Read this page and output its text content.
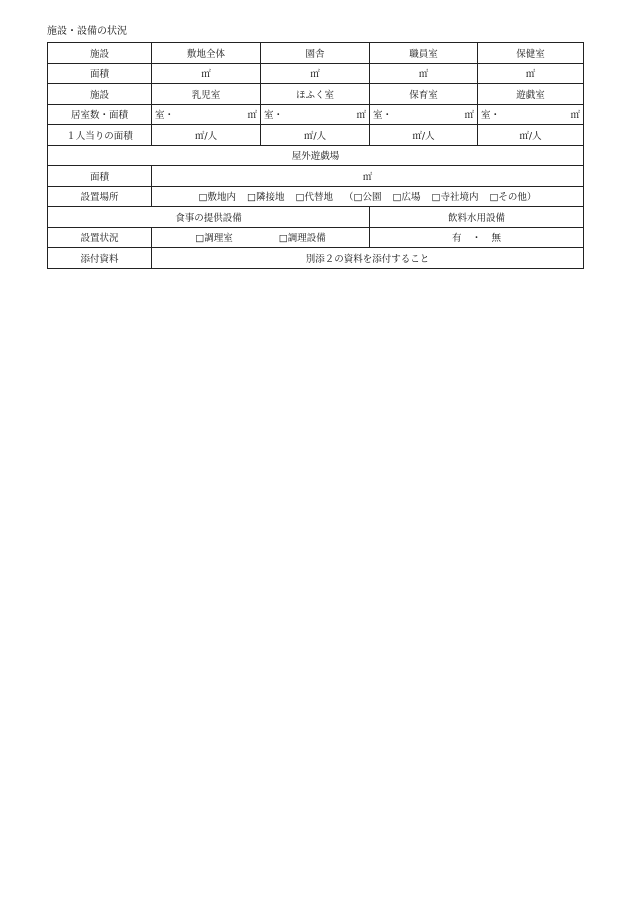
施設・設備の状況
施設	敷地全体	園舎	職員室	保健室
面積	㎡	㎡	㎡	㎡
施設	乳児室	ほふく室	保育室	遊戯室
居室数・面積	室・ ㎡	室・ ㎡	室・ ㎡	室・ ㎡

１人当りの面積	㎡/人	㎡/人	㎡/人	㎡/人
屋外遊戯場				
面積	㎡			
設置場所	□敷地内 □隣接地 □代替地 （□公園 □広場 □寺社境内 □その他）			
食事の提供設備			飲料水用設備	
設置状況	□調理室 □調理設備		有 ・ 無	
添付資料	別添２の資料を添付すること			
